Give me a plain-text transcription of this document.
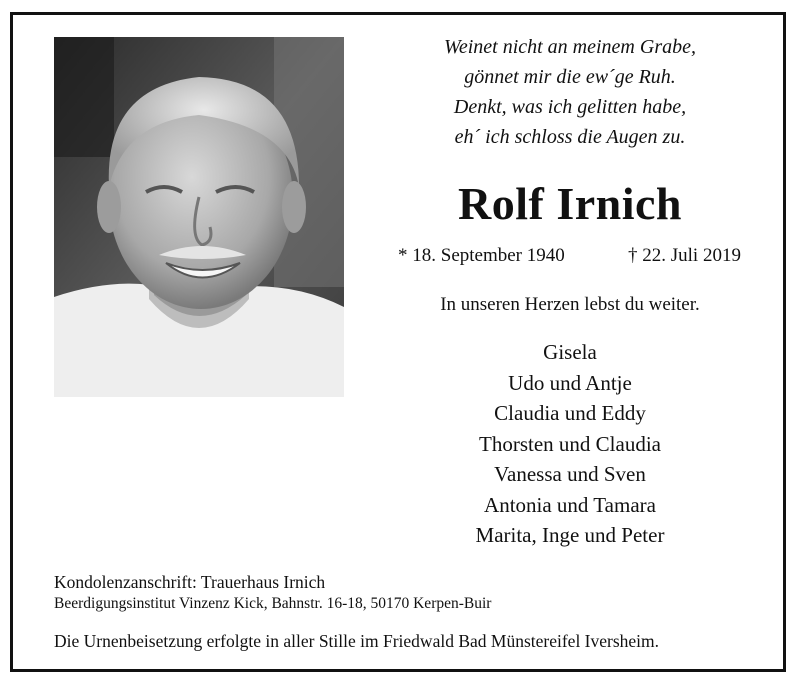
Weinet nicht an meinem Grabe,
gönnet mir die ew´ge Ruh.
Denkt, was ich gelitten habe,
eh´ ich schloss die Augen zu.
Rolf Irnich
* 18. September 1940	† 22. Juli 2019
In unseren Herzen lebst du weiter.
Gisela
Udo und Antje
Claudia und Eddy
Thorsten und Claudia
Vanessa und Sven
Antonia und Tamara
Marita, Inge und Peter
Kondolenzanschrift: Trauerhaus Irnich
Beerdigungsinstitut Vinzenz Kick, Bahnstr. 16-18, 50170 Kerpen-Buir
Die Urnenbeisetzung erfolgte in aller Stille im Friedwald Bad Münstereifel Iversheim.
